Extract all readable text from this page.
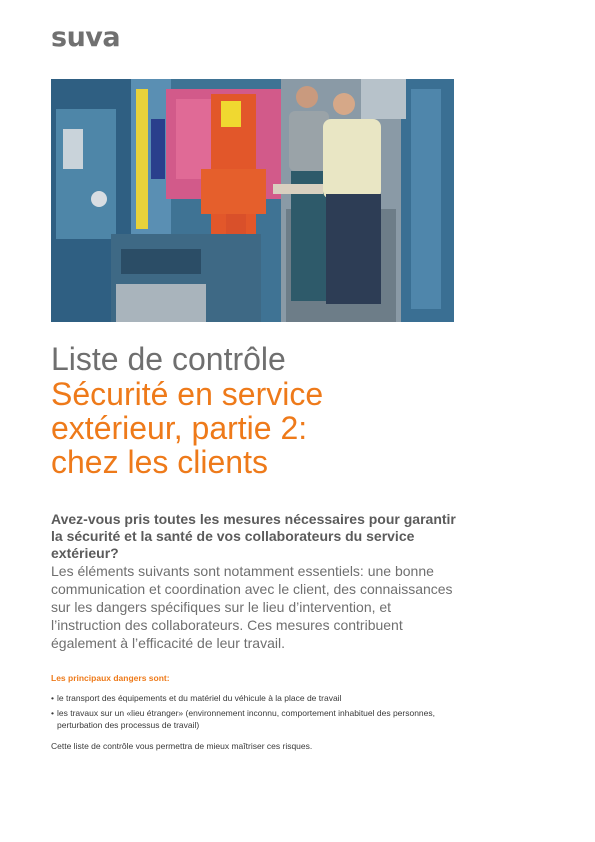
suva
Liste de contrôle
Sécurité en service
extérieur, partie 2:
chez les clients

Avez-vous pris toutes les mesures nécessaires pour garantir la sécurité et la santé de vos collaborateurs du service extérieur?

Les éléments suivants sont notamment essentiels: une bonne communication et coordination avec le client, des connaissances sur les dangers spécifiques sur le lieu d’intervention, et l’instruction des collaborateurs. Ces mesures contribuent également à l’efficacité de leur travail.

Les principaux dangers sont:

• le transport des équipements et du matériel du véhicule à la place de travail
• les travaux sur un «lieu étranger» (environnement inconnu, comportement inhabituel des personnes, perturbation des processus de travail)

Cette liste de contrôle vous permettra de mieux maîtriser ces risques.
